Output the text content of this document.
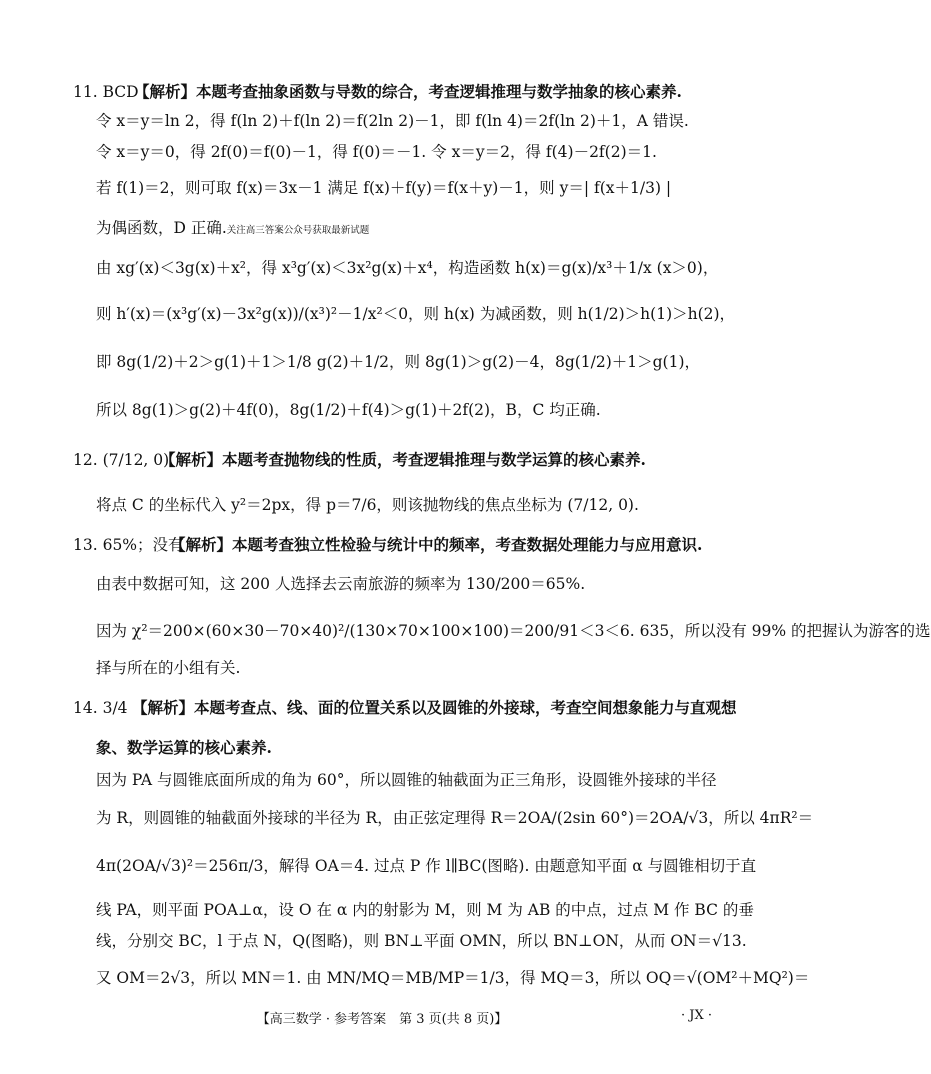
11. BCD
【解析】本题考查抽象函数与导数的综合，考查逻辑推理与数学抽象的核心素养.
令 x＝y＝ln 2，得 f(ln 2)＋f(ln 2)＝f(2ln 2)－1，即 f(ln 4)＝2f(ln 2)＋1，A 错误.
令 x＝y＝0，得 2f(0)＝f(0)－1，得 f(0)＝－1. 令 x＝y＝2，得 f(4)－2f(2)＝1.
若 f(1)＝2，则可取 f(x)＝3x－1 满足 f(x)＋f(y)＝f(x＋y)－1，则 y＝| f(x＋1/3) |
为偶函数，D 正确.关注高三答案公众号获取最新试题
由 xg′(x)＜3g(x)＋x²，得 x³g′(x)＜3x²g(x)＋x⁴，构造函数 h(x)＝g(x)/x³＋1/x (x＞0)，
则 h′(x)＝(x³g′(x)－3x²g(x))/(x³)²－1/x²＜0，则 h(x) 为减函数，则 h(1/2)＞h(1)＞h(2)，
即 8g(1/2)＋2＞g(1)＋1＞1/8 g(2)＋1/2，则 8g(1)＞g(2)－4，8g(1/2)＋1＞g(1)，
所以 8g(1)＞g(2)＋4f(0)，8g(1/2)＋f(4)＞g(1)＋2f(2)，B，C 均正确.
12. (7/12, 0)
【解析】本题考查抛物线的性质，考查逻辑推理与数学运算的核心素养.
将点 C 的坐标代入 y²＝2px，得 p＝7/6，则该抛物线的焦点坐标为 (7/12, 0).
13. 65%；没有
【解析】本题考查独立性检验与统计中的频率，考查数据处理能力与应用意识.
由表中数据可知，这 200 人选择去云南旅游的频率为 130/200＝65%.
因为 χ²＝200×(60×30－70×40)²/(130×70×100×100)＝200/91＜3＜6. 635，所以没有 99% 的把握认为游客的选
择与所在的小组有关.
14. 3/4 【解析】本题考查点、线、面的位置关系以及圆锥的外接球，考查空间想象能力与直观想
象、数学运算的核心素养.
因为 PA 与圆锥底面所成的角为 60°，所以圆锥的轴截面为正三角形，设圆锥外接球的半径
为 R，则圆锥的轴截面外接球的半径为 R，由正弦定理得 R＝2OA/(2sin 60°)＝2OA/√3，所以 4πR²＝
4π(2OA/√3)²＝256π/3，解得 OA＝4. 过点 P 作 l∥BC(图略). 由题意知平面 α 与圆锥相切于直
线 PA，则平面 POA⊥α，设 O 在 α 内的射影为 M，则 M 为 AB 的中点，过点 M 作 BC 的垂
线，分别交 BC，l 于点 N，Q(图略)，则 BN⊥平面 OMN，所以 BN⊥ON，从而 ON＝√13.
又 OM＝2√3，所以 MN＝1. 由 MN/MQ＝MB/MP＝1/3，得 MQ＝3，所以 OQ＝√(OM²＋MQ²)＝
【高三数学 · 参考答案　第 3 页(共 8 页)】	· JX ·
